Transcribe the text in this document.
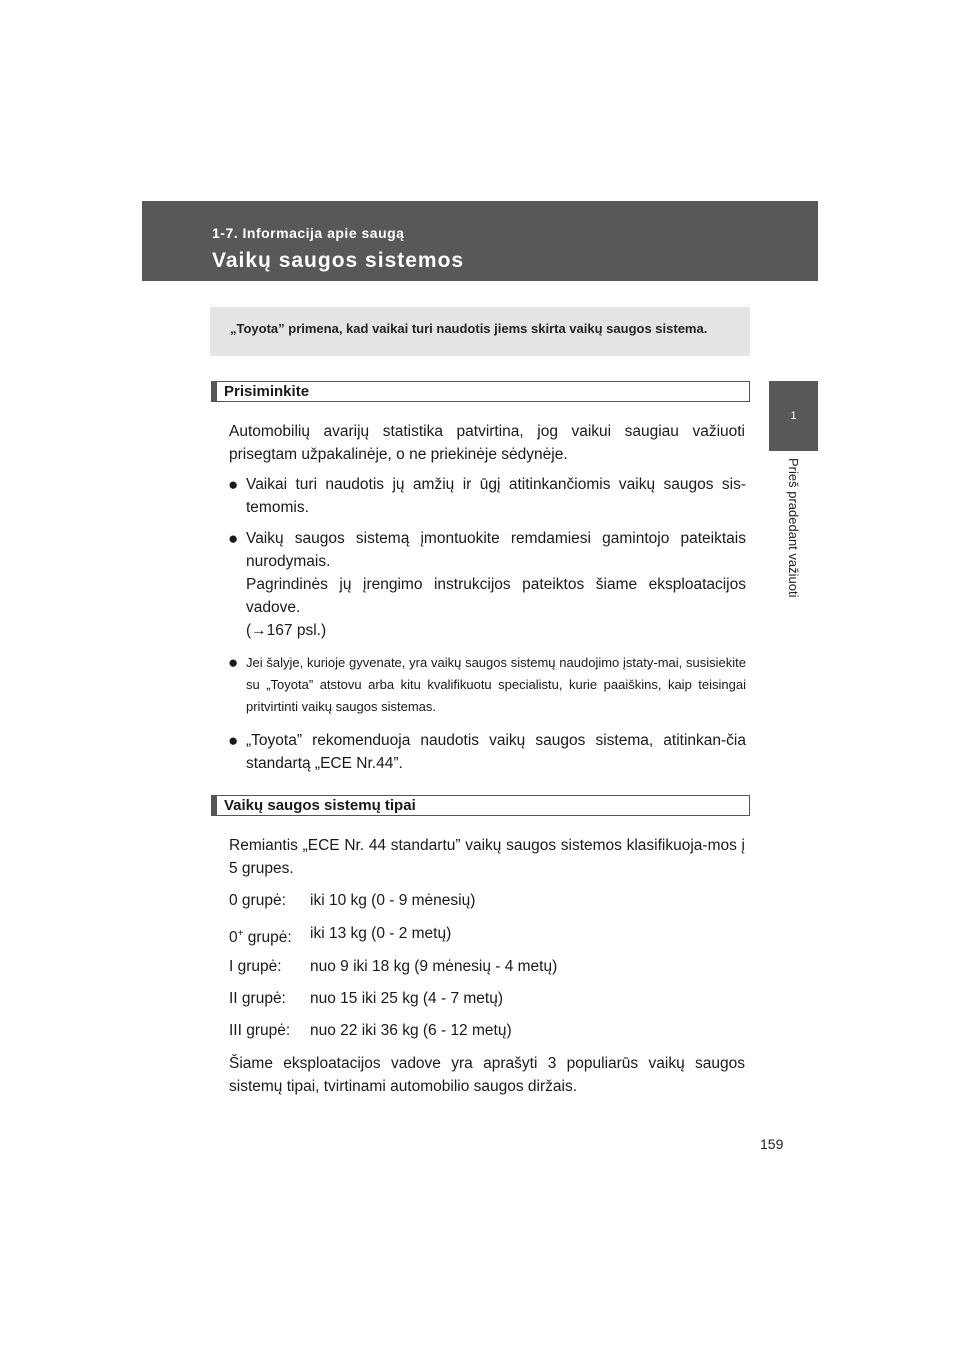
1-7. Informacija apie saugą
Vaikų saugos sistemos
1
Prieš pradedant važiuoti
„Toyota” primena, kad vaikai turi naudotis jiems skirta vaikų saugos sistema.
Prisiminkite
Automobilių avarijų statistika patvirtina, jog vaikui saugiau važiuoti prisegtam užpakalinėje, o ne priekinėje sėdynėje.
● Vaikai turi naudotis jų amžių ir ūgį atitinkančiomis vaikų saugos sis-temomis.
● Vaikų saugos sistemą įmontuokite remdamiesi gamintojo pateiktais nurodymais.
Pagrindinės jų įrengimo instrukcijos pateiktos šiame eksploatacijos vadove.
(→167 psl.)
● Jei šalyje, kurioje gyvenate, yra vaikų saugos sistemų naudojimo įstaty-mai, susisiekite su „Toyota” atstovu arba kitu kvalifikuotu specialistu, kurie paaiškins, kaip teisingai pritvirtinti vaikų saugos sistemas.
● „Toyota” rekomenduoja naudotis vaikų saugos sistema, atitinkan-čia standartą „ECE Nr.44”.
Vaikų saugos sistemų tipai
Remiantis „ECE Nr. 44 standartu” vaikų saugos sistemos klasifikuoja-mos į 5 grupes.
0 grupė:	iki 10 kg (0 - 9 mėnesių)
0+ grupė:	iki 13 kg (0 - 2 metų)
I grupė:	nuo 9 iki 18 kg (9 mėnesių - 4 metų)
II grupė:	nuo 15 iki 25 kg (4 - 7 metų)
III grupė:	nuo 22 iki 36 kg (6 - 12 metų)
Šiame eksploatacijos vadove yra aprašyti 3 populiarūs vaikų saugos sistemų tipai, tvirtinami automobilio saugos diržais.
159
